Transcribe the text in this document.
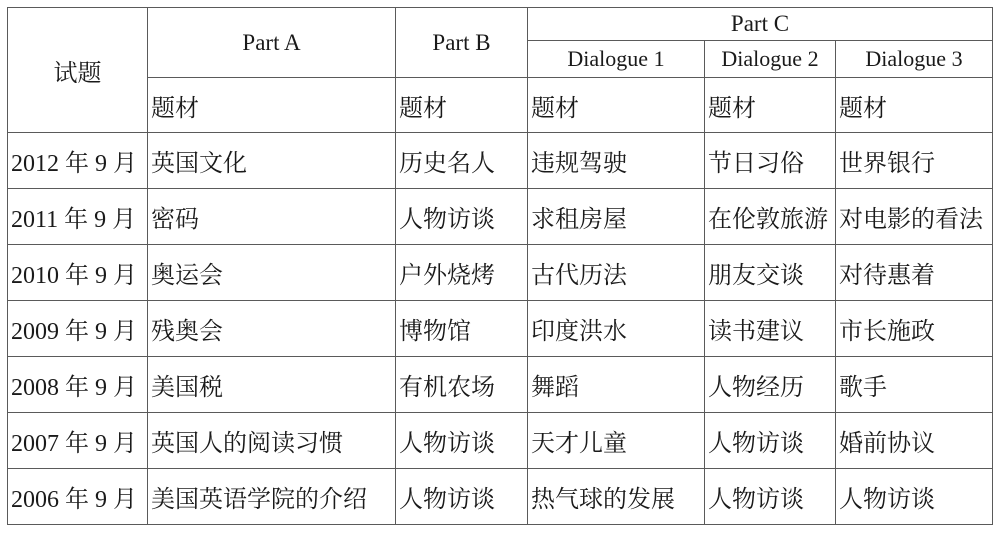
试题	Part A	Part B	Part C		
			Dialogue 1	Dialogue 2	Dialogue 3
	题材	题材	题材	题材	题材
2012 年 9 月	英国文化	历史名人	违规驾驶	节日习俗	世界银行
2011 年 9 月	密码	人物访谈	求租房屋	在伦敦旅游	对电影的看法
2010 年 9 月	奥运会	户外烧烤	古代历法	朋友交谈	对待惠着
2009 年 9 月	残奥会	博物馆	印度洪水	读书建议	市长施政
2008 年 9 月	美国税	有机农场	舞蹈	人物经历	歌手
2007 年 9 月	英国人的阅读习惯	人物访谈	天才儿童	人物访谈	婚前协议
2006 年 9 月	美国英语学院的介绍	人物访谈	热气球的发展	人物访谈	人物访谈
